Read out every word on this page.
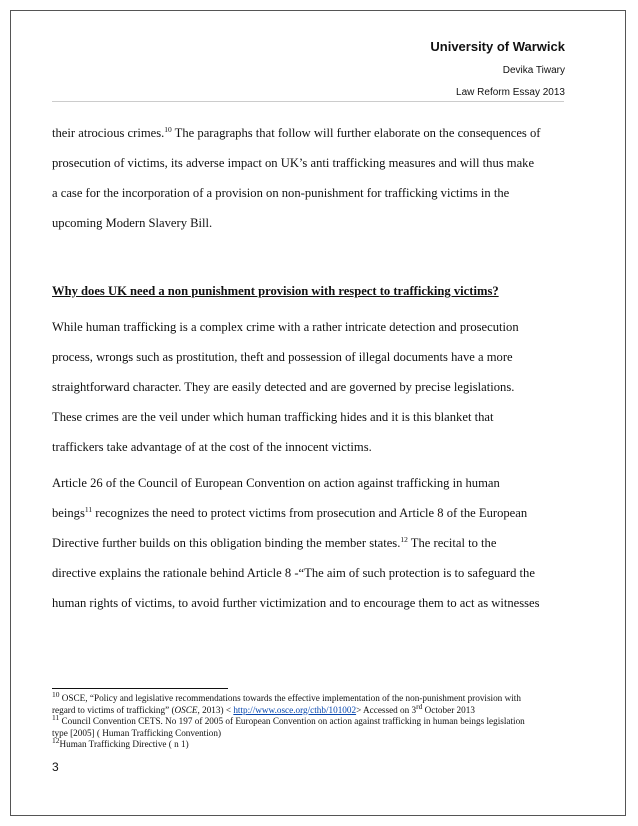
University of Warwick
Devika Tiwary
Law Reform Essay 2013
their atrocious crimes.$^{10}$ The paragraphs that follow will further elaborate on the consequences of
prosecution of victims, its adverse impact on UK’s anti trafficking measures and will thus make
a case for the incorporation of a provision on non-punishment for trafficking victims in the
upcoming Modern Slavery Bill.
Why does UK need a non punishment provision with respect to trafficking victims?
While human trafficking is a complex crime with a rather intricate detection and prosecution
process, wrongs such as prostitution, theft and possession of illegal documents have a more
straightforward character. They are easily detected and are governed by precise legislations.
These crimes are the veil under which human trafficking hides and it is this blanket that
traffickers take advantage of at the cost of the innocent victims.
Article 26 of the Council of European Convention on action against trafficking in human
beings$^{11}$ recognizes the need to protect victims from prosecution and Article 8 of the European
Directive further builds on this obligation binding the member states.$^{12}$ The recital to the
directive explains the rationale behind Article 8 -“The aim of such protection is to safeguard the
human rights of victims, to avoid further victimization and to encourage them to act as witnesses
$^{10}$ OSCE, “Policy and legislative recommendations towards the effective implementation of the non-punishment provision with
regard to victims of trafficking” (OSCE, 2013) < http://www.osce.org/cthb/101002> Accessed on 3rd October 2013
$^{11}$ Council Convention CETS. No 197 of 2005 of European Convention on action against trafficking in human beings legislation
type [2005] ( Human Trafficking Convention)
$^{12}$Human Trafficking Directive ( n 1)
3
